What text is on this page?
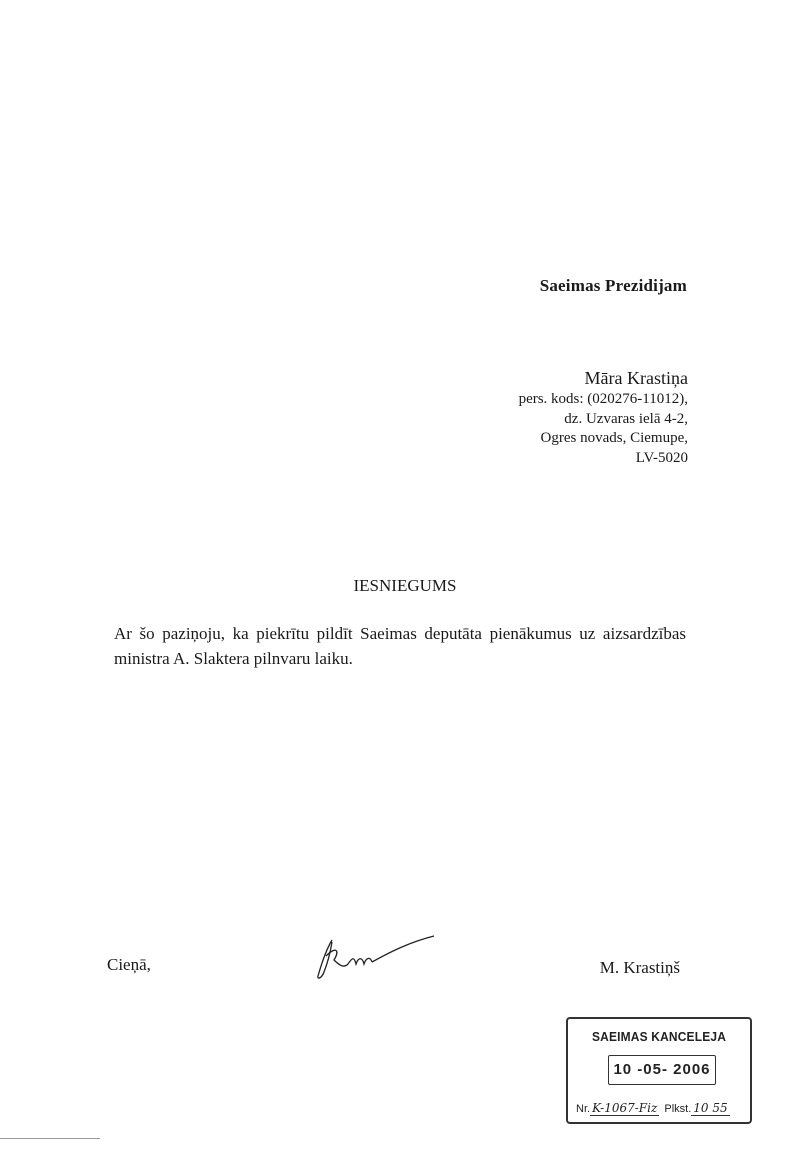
Saeimas Prezidijam
Māra Krastiņa
pers. kods: (020276-11012),
dz. Uzvaras ielā 4-2,
Ogres novads, Ciemupe,
LV-5020
IESNIEGUMS
Ar šo paziņoju, ka piekrītu pildīt Saeimas deputāta pienākumus uz aizsardzības ministra A. Slaktera pilnvaru laiku.
Cieņā,	M. Krastiņš
SAEIMAS KANCELEJA
10 -05- 2006
Nr. K-1067-Fiz Plkst. 10 55
